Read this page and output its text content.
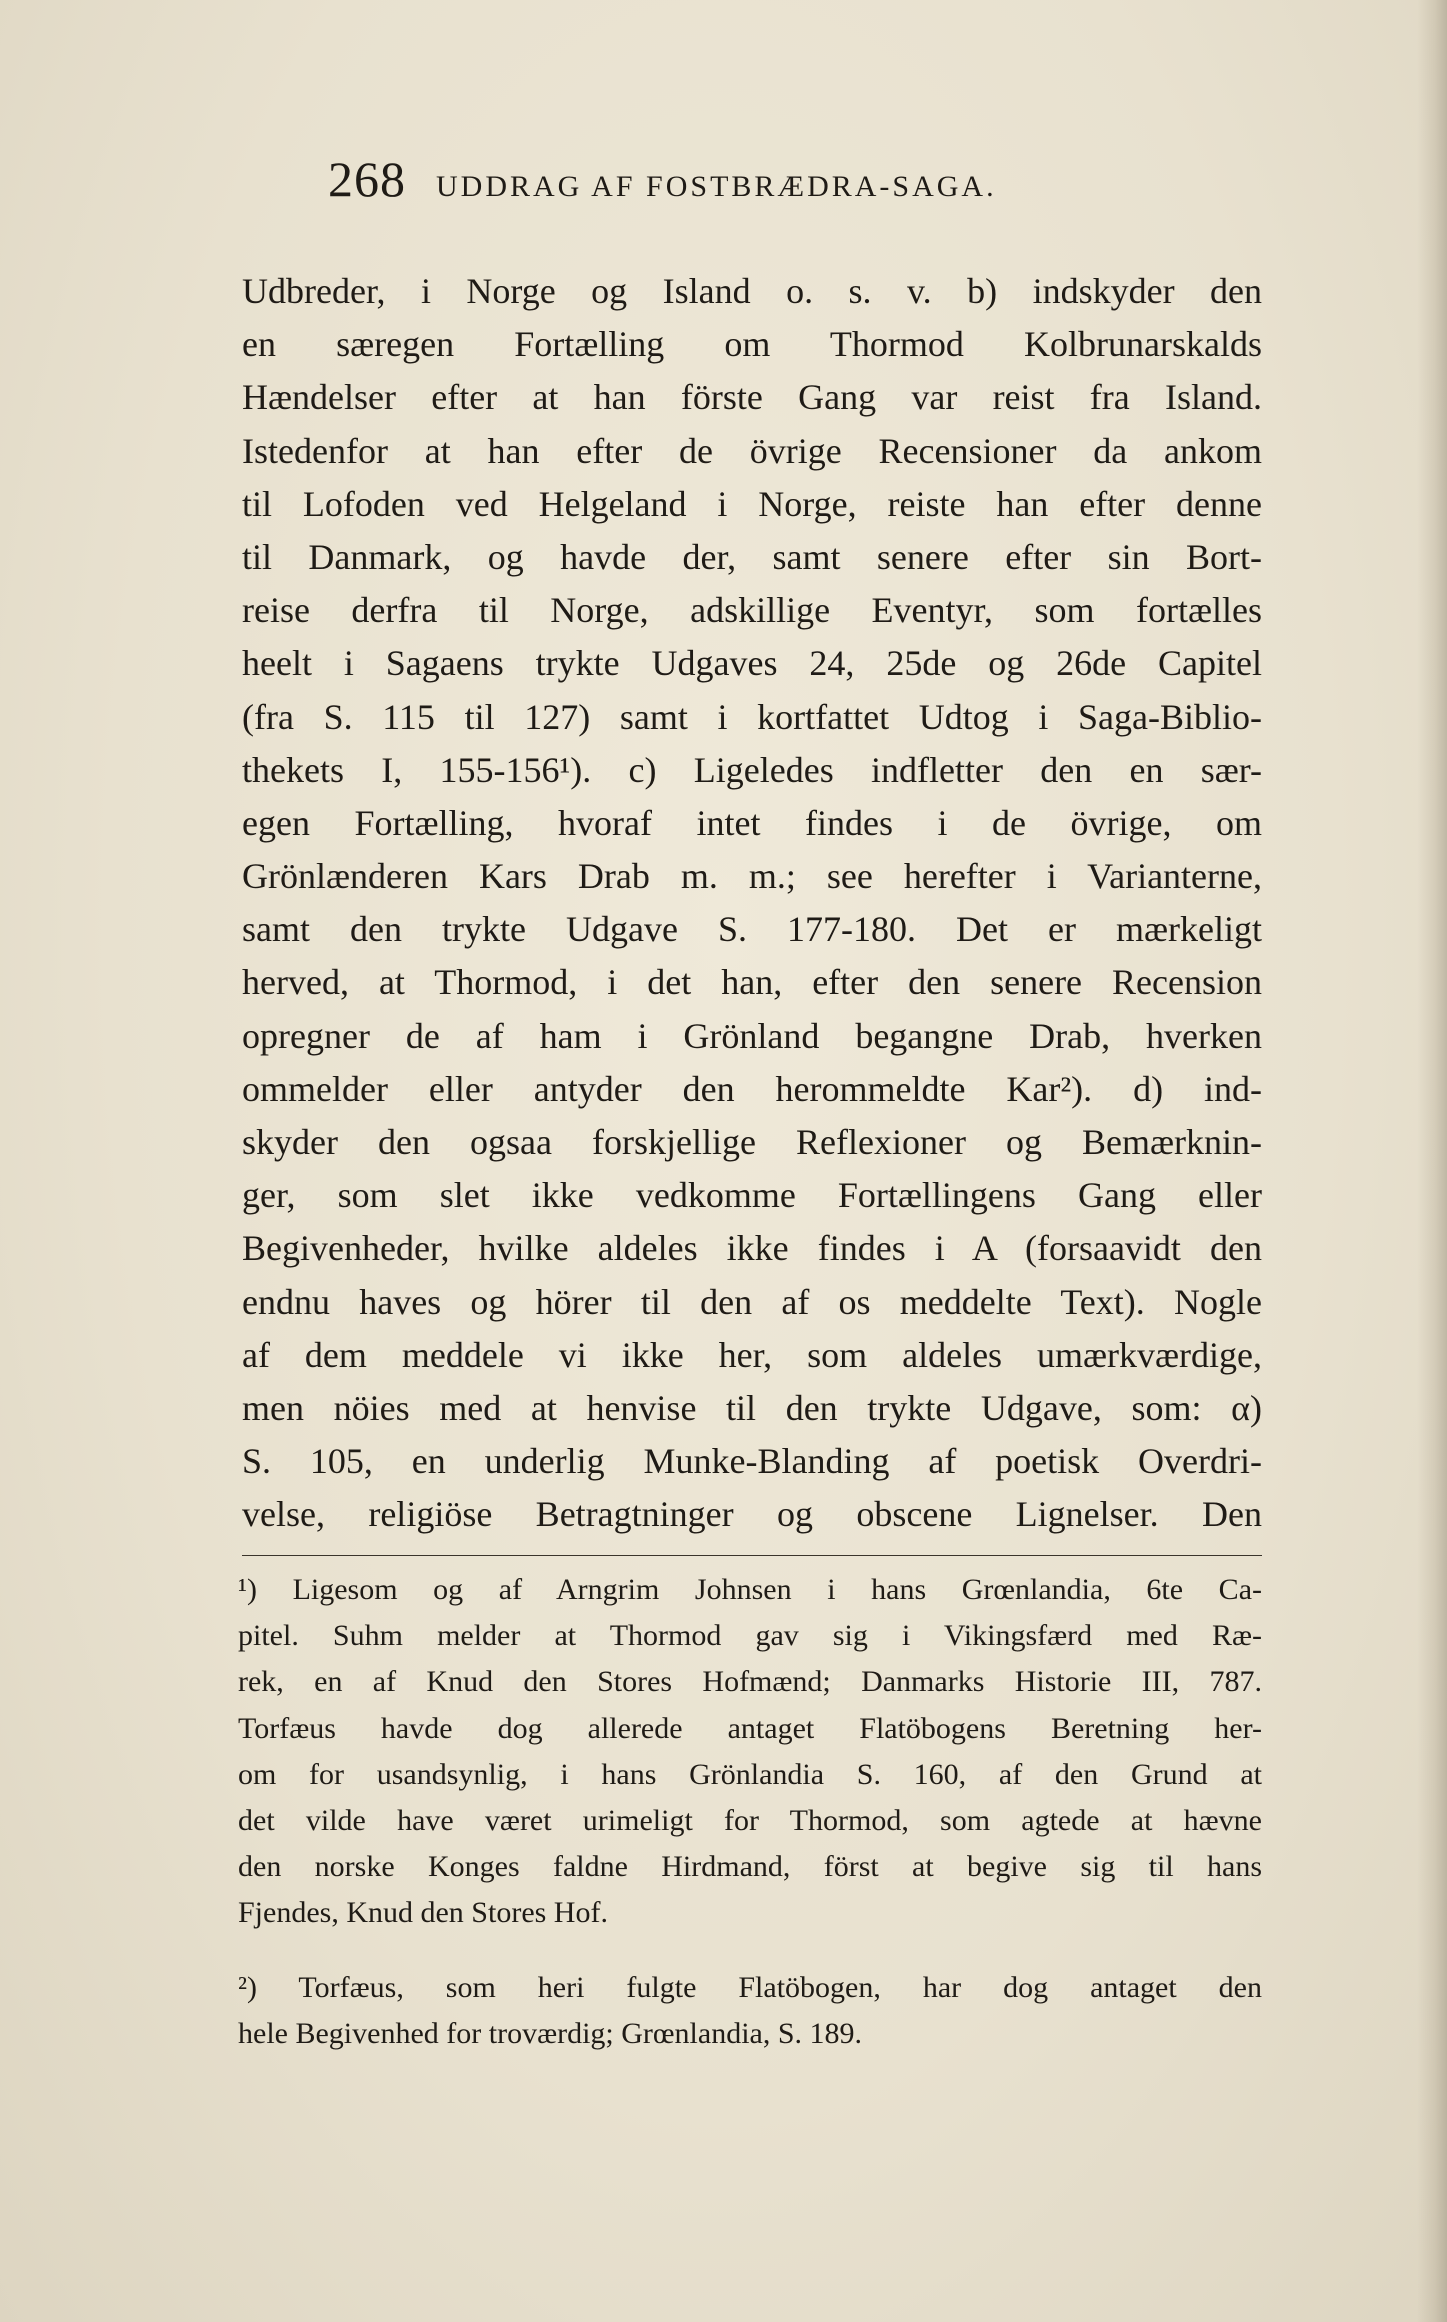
268 UDDRAG AF FOSTBRÆDRA-SAGA.
Udbreder, i Norge og Island o. s. v. b) indskyder den
en særegen Fortælling om Thormod Kolbrunarskalds
Hændelser efter at han förste Gang var reist fra Island.
Istedenfor at han efter de övrige Recensioner da ankom
til Lofoden ved Helgeland i Norge, reiste han efter denne
til Danmark, og havde der, samt senere efter sin Bort-
reise derfra til Norge, adskillige Eventyr, som fortælles
heelt i Sagaens trykte Udgaves 24, 25de og 26de Capitel
(fra S. 115 til 127) samt i kortfattet Udtog i Saga-Biblio-
thekets I, 155-156¹). c) Ligeledes indfletter den en sær-
egen Fortælling, hvoraf intet findes i de övrige, om
Grönlænderen Kars Drab m. m.; see herefter i Varianterne,
samt den trykte Udgave S. 177-180. Det er mærkeligt
herved, at Thormod, i det han, efter den senere Recension
opregner de af ham i Grönland begangne Drab, hverken
ommelder eller antyder den herommeldte Kar²). d) ind-
skyder den ogsaa forskjellige Reflexioner og Bemærknin-
ger, som slet ikke vedkomme Fortællingens Gang eller
Begivenheder, hvilke aldeles ikke findes i A (forsaavidt den
endnu haves og hörer til den af os meddelte Text). Nogle
af dem meddele vi ikke her, som aldeles umærkværdige,
men nöies med at henvise til den trykte Udgave, som: α)
S. 105, en underlig Munke-Blanding af poetisk Overdri-
velse, religiöse Betragtninger og obscene Lignelser. Den
¹) Ligesom og af Arngrim Johnsen i hans Grœnlandia, 6te Ca-
pitel. Suhm melder at Thormod gav sig i Vikingsfærd med Ræ-
rek, en af Knud den Stores Hofmænd; Danmarks Historie III, 787.
Torfæus havde dog allerede antaget Flatöbogens Beretning her-
om for usandsynlig, i hans Grönlandia S. 160, af den Grund at
det vilde have været urimeligt for Thormod, som agtede at hævne
den norske Konges faldne Hirdmand, först at begive sig til hans
Fjendes, Knud den Stores Hof.
²) Torfæus, som heri fulgte Flatöbogen, har dog antaget den
hele Begivenhed for troværdig; Grœnlandia, S. 189.
